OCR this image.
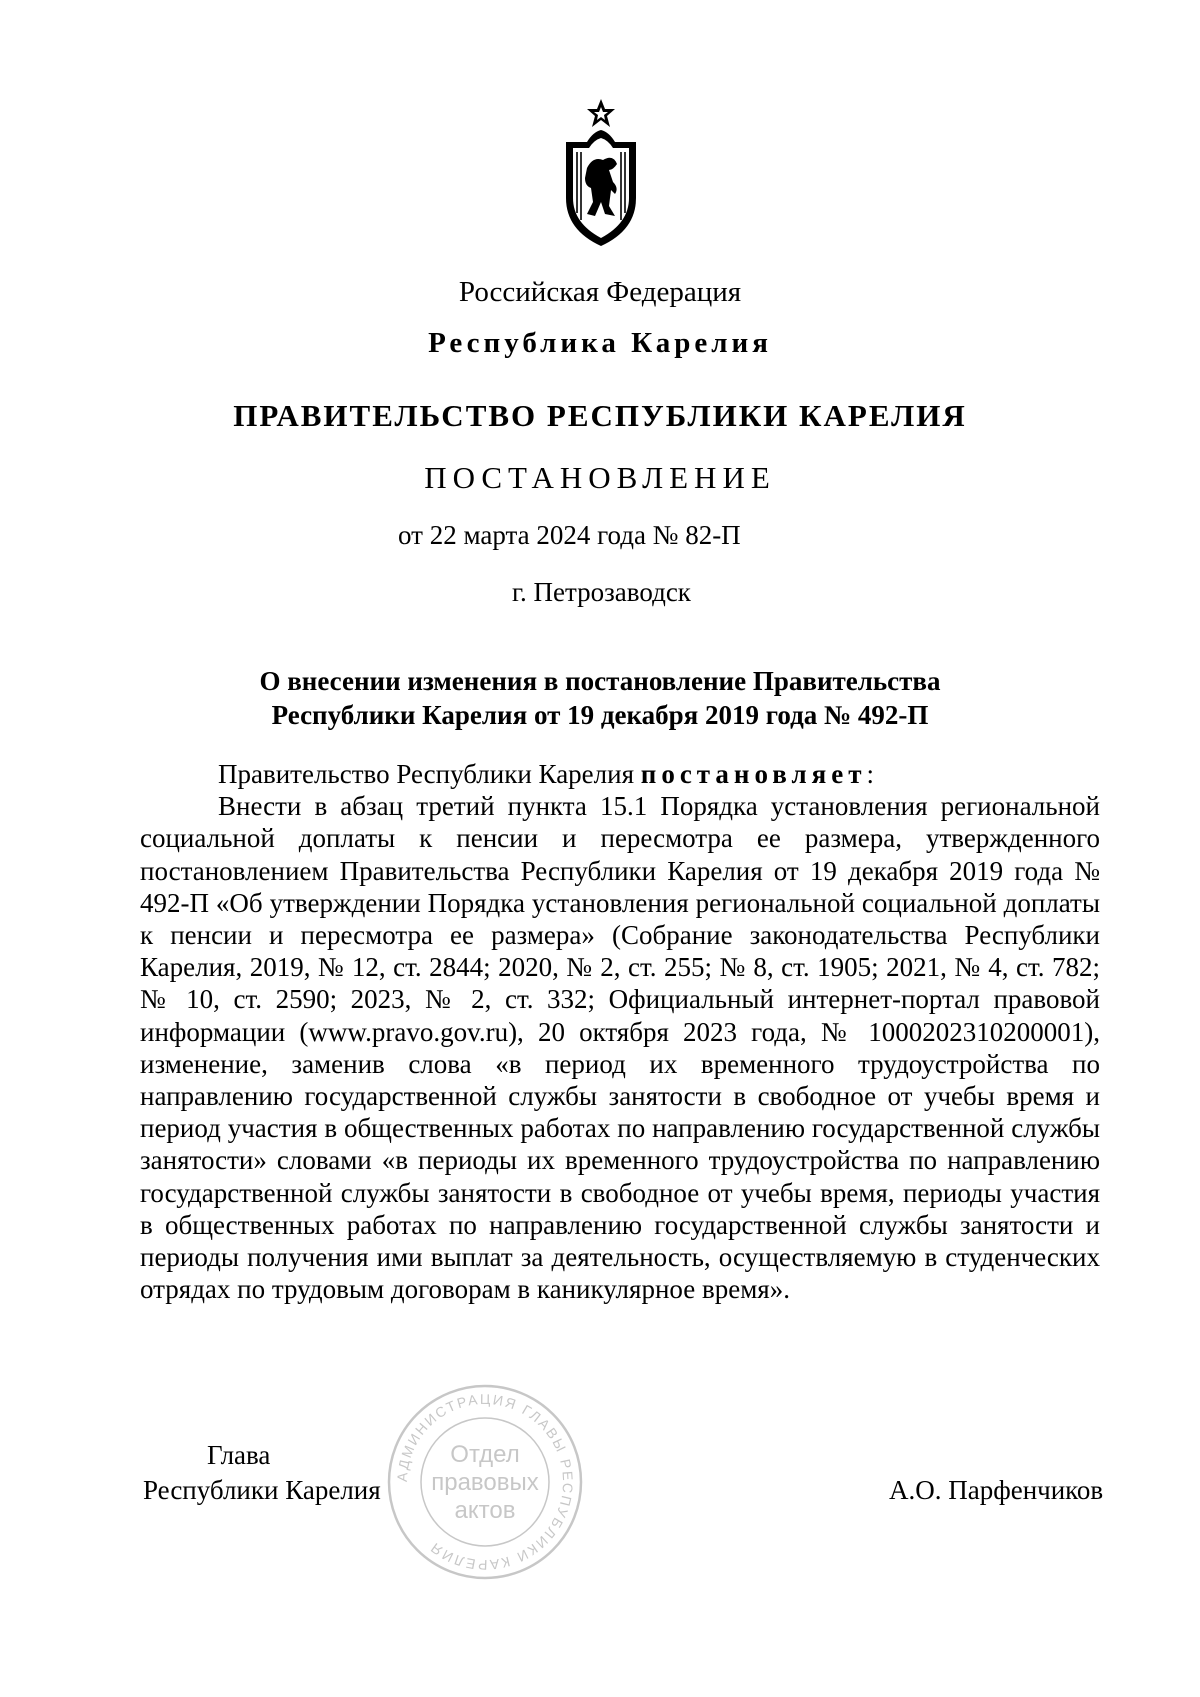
Российская Федерация
Республика Карелия
ПРАВИТЕЛЬСТВО РЕСПУБЛИКИ КАРЕЛИЯ
ПОСТАНОВЛЕНИЕ
от 22 марта 2024 года № 82-П
г. Петрозаводск
О внесении изменения в постановление Правительства
Республики Карелия от 19 декабря 2019 года № 492-П

Правительство Республики Карелия постановляет:

Внести в абзац третий пункта 15.1 Порядка установления региональной социальной доплаты к пенсии и пересмотра ее размера, утвержденного постановлением Правительства Республики Карелия от 19 декабря 2019 года № 492-П «Об утверждении Порядка установления региональной социальной доплаты к пенсии и пересмотра ее размера» (Собрание законодательства Республики Карелия, 2019, № 12, ст. 2844; 2020, № 2, ст. 255; № 8, ст. 1905; 2021, № 4, ст. 782; № 10, ст. 2590; 2023, № 2, ст. 332; Официальный интернет-портал правовой информации (www.pravo.gov.ru), 20 октября 2023 года, № 1000202310200001), изменение, заменив слова «в период их временного трудоустройства по направлению государственной службы занятости в свободное от учебы время и период участия в общественных работах по направлению государственной службы занятости» словами «в периоды их временного трудоустройства по направлению государственной службы занятости в свободное от учебы время, периоды участия в общественных работах по направлению государственной службы занятости и периоды получения ими выплат за деятельность, осуществляемую в студенческих отрядах по трудовым договорам в каникулярное время».

АДМИНИСТРАЦИЯ ГЛАВЫ РЕСПУБЛИКИ КАРЕЛИЯ
Отдел
правовых
актов
Глава
Республики Карелия	А.О. Парфенчиков
